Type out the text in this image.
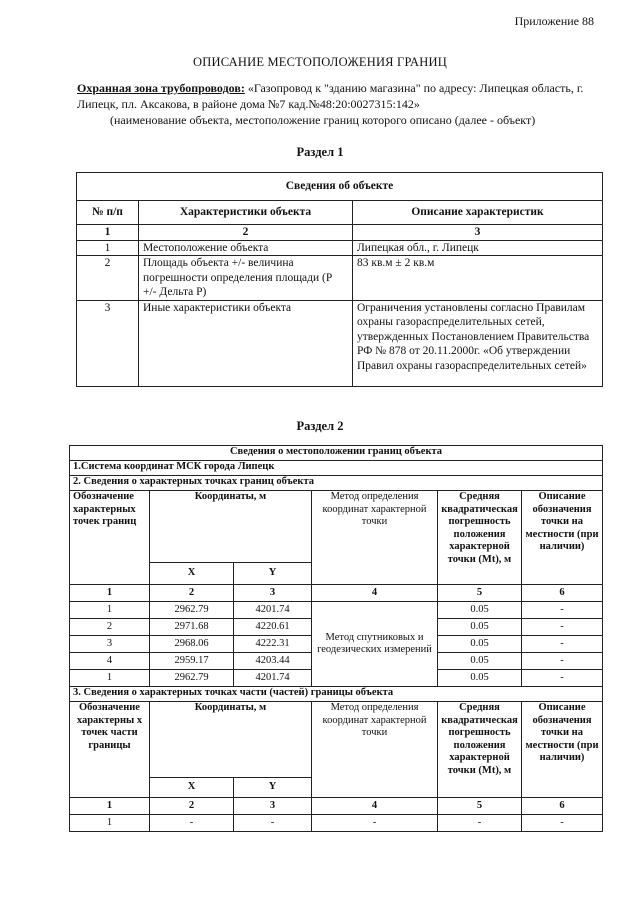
Приложение 88
ОПИСАНИЕ МЕСТОПОЛОЖЕНИЯ ГРАНИЦ
Охранная зона трубопроводов: «Газопровод к "зданию магазина" по адресу: Липецкая область, г. Липецк, пл. Аксакова, в районе дома №7 кад.№48:20:0027315:142»
(наименование объекта, местоположение границ которого описано (далее - объект)
Раздел 1
Сведения об объекте		
№ п/п	Характеристики объекта	Описание характеристик
1	2	3
1	Местоположение объекта	Липецкая обл., г. Липецк
2	Площадь объекта +/- величина погрешности определения площади (Р +/- Дельта Р)	83 кв.м ± 2 кв.м
3	Иные характеристики объекта	Ограничения установлены согласно Правилам охраны газораспределительных сетей, утвержденных Постановлением Правительства РФ № 878 от 20.11.2000г. «Об утверждении Правил охраны газораспределительных сетей»
Раздел 2
Сведения о местоположении границ объекта					
1.Система координат МСК города Липецк					
2. Сведения о характерных точках границ объекта					
Обозначение характерных точек границ	Координаты, м		Метод определения координат характерной точки	Средняя квадратическая погрешность положения характерной точки (Mt), м	Описание обозначения точки на местности (при наличии)
	X	Y			
1	2	3	4	5	6
1	2962.79	4201.74	Метод спутниковых и геодезических измерений	0.05	-
2	2971.68	4220.61		0.05	-
3	2968.06	4222.31		0.05	-
4	2959.17	4203.44		0.05	-
1	2962.79	4201.74		0.05	-
3. Сведения о характерных точках части (частей) границы объекта					
Обозначение характерны х точек части границы	Координаты, м		Метод определения координат характерной точки	Средняя квадратическая погрешность положения характерной точки (Mt), м	Описание обозначения точки на местности (при наличии)
	X	Y			
1	2	3	4	5	6
1	-	-	-	-	-
